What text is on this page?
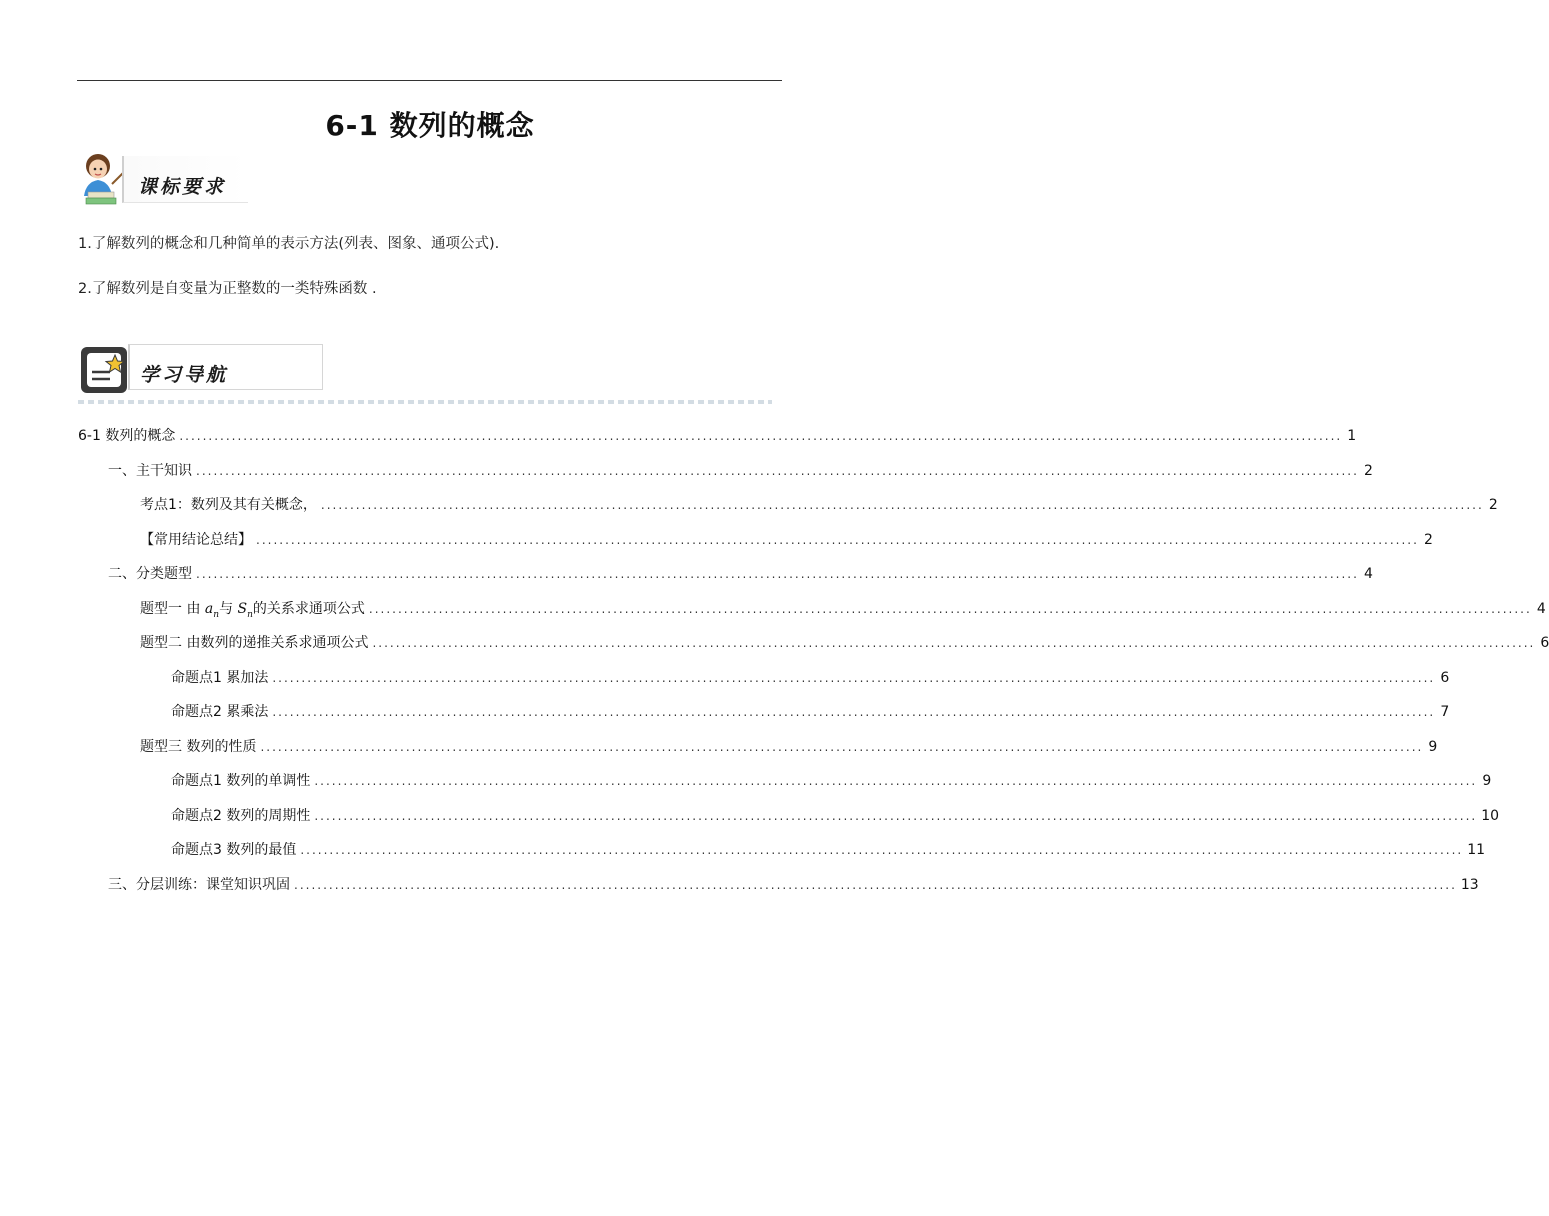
6-1 数列的概念
课标要求
1.了解数列的概念和几种简单的表示方法(列表、图象、通项公式).
2.了解数列是自变量为正整数的一类特殊函数 .
学习导航
6-1 数列的概念 ........................................................................................................................................................................................................ 1
一、主干知识 ........................................................................................................................................................................................................ 2
考点1：数列及其有关概念， ........................................................................................................................................................................................................ 2
【常用结论总结】 ........................................................................................................................................................................................................ 2
二、分类题型 ........................................................................................................................................................................................................ 4
题型一 由 $a_n$与 $S_n$的关系求通项公式 ........................................................................................................................................................................................................ 4
题型二 由数列的递推关系求通项公式 ........................................................................................................................................................................................................ 6
命题点1 累加法 ........................................................................................................................................................................................................ 6
命题点2 累乘法 ........................................................................................................................................................................................................ 7
题型三 数列的性质 ........................................................................................................................................................................................................ 9
命题点1 数列的单调性 ........................................................................................................................................................................................................ 9
命题点2 数列的周期性 ........................................................................................................................................................................................................ 10
命题点3 数列的最值 ........................................................................................................................................................................................................ 11
三、分层训练：课堂知识巩固 ........................................................................................................................................................................................................ 13
